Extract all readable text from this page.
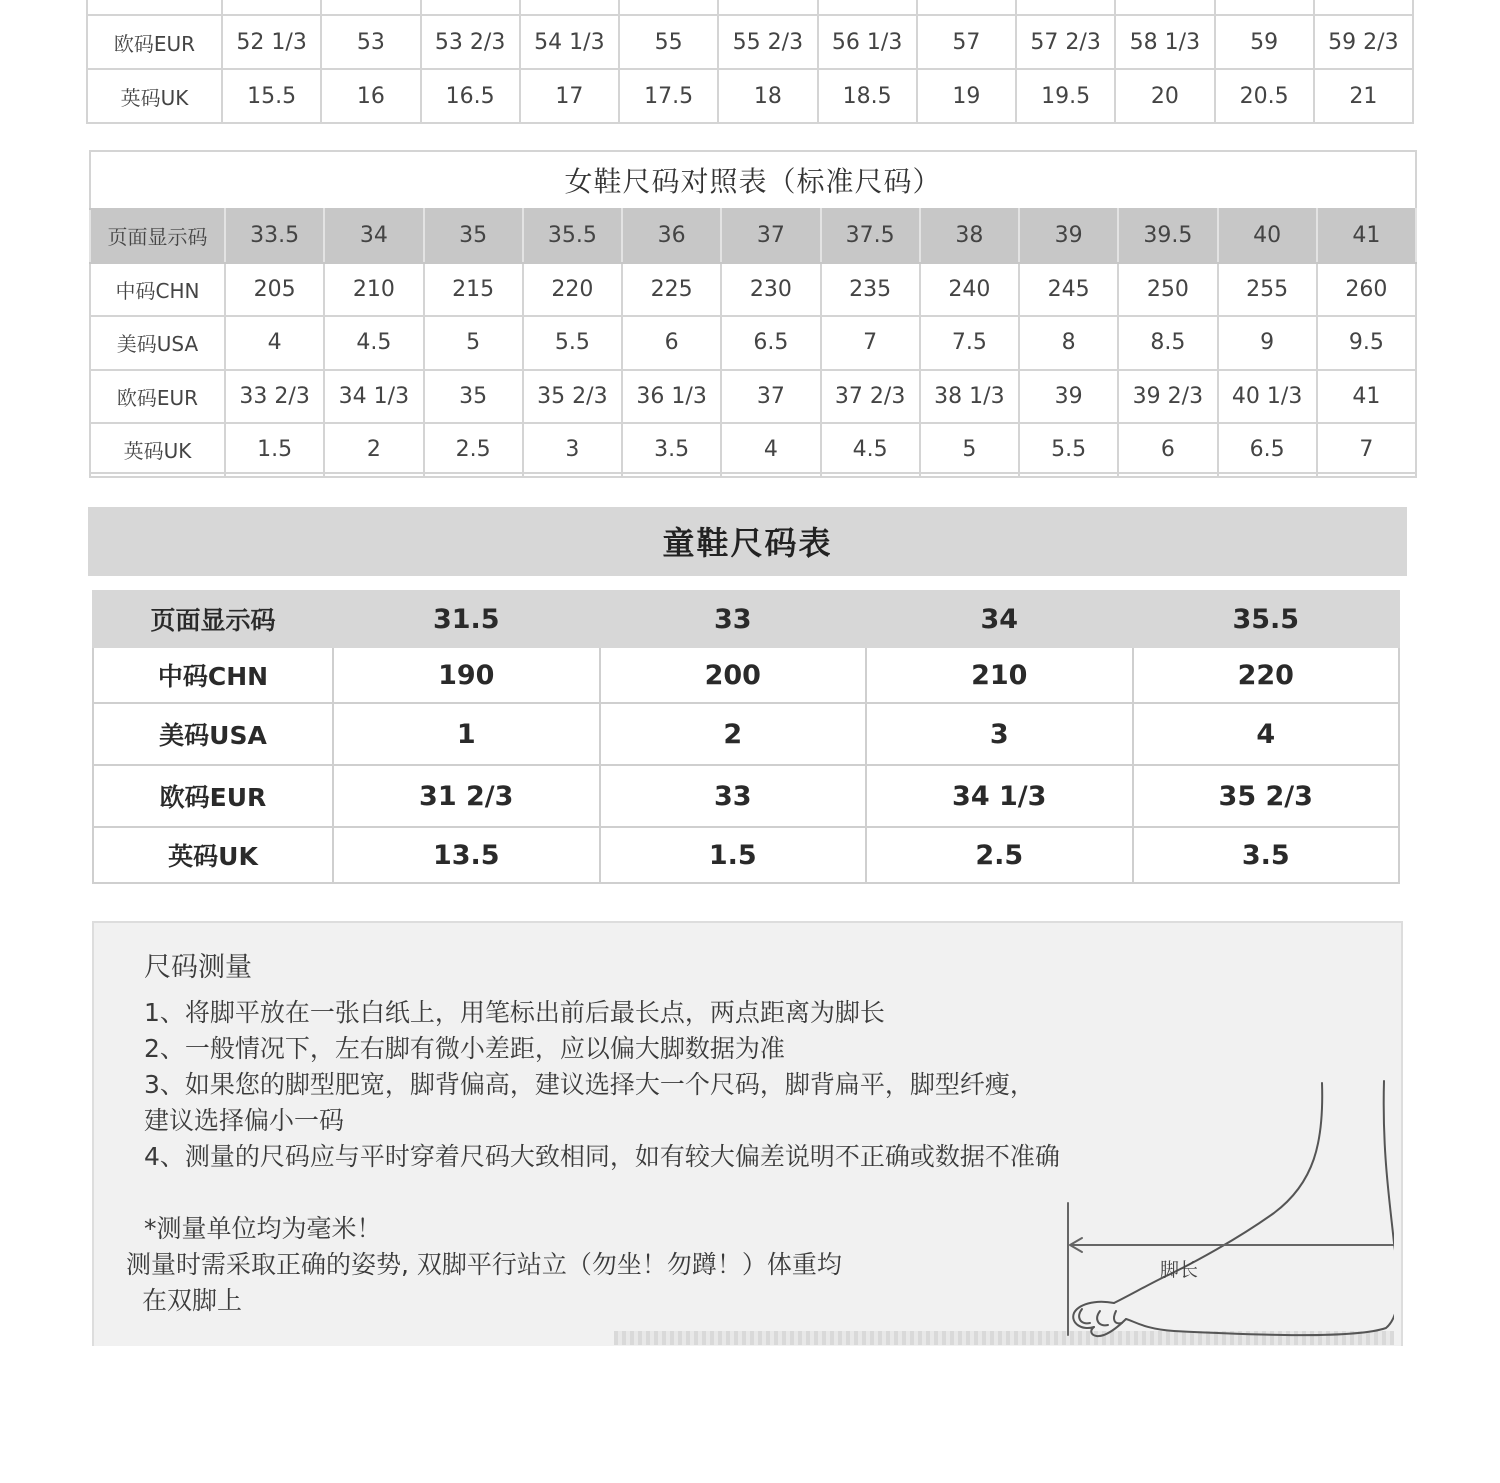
欧码EUR	52 1/3	53	53 2/3	54 1/3	55	55 2/3	56 1/3	57	57 2/3	58 1/3	59	59 2/3
英码UK	15.5	16	16.5	17	17.5	18	18.5	19	19.5	20	20.5	21
女鞋尺码对照表（标准尺码）
页面显示码	33.5	34	35	35.5	36	37	37.5	38	39	39.5	40	41
中码CHN	205	210	215	220	225	230	235	240	245	250	255	260
美码USA	4	4.5	5	5.5	6	6.5	7	7.5	8	8.5	9	9.5
欧码EUR	33 2/3	34 1/3	35	35 2/3	36 1/3	37	37 2/3	38 1/3	39	39 2/3	40 1/3	41
英码UK	1.5	2	2.5	3	3.5	4	4.5	5	5.5	6	6.5	7
童鞋尺码表
页面显示码	31.5	33	34	35.5
中码CHN	190	200	210	220
美码USA	1	2	3	4
欧码EUR	31 2/3	33	34 1/3	35 2/3
英码UK	13.5	1.5	2.5	3.5
尺码测量
1、将脚平放在一张白纸上，用笔标出前后最长点，两点距离为脚长
2、一般情况下，左右脚有微小差距，应以偏大脚数据为准
3、如果您的脚型肥宽，脚背偏高，建议选择大一个尺码，脚背扁平，脚型纤瘦，
建议选择偏小一码
4、测量的尺码应与平时穿着尺码大致相同，如有较大偏差说明不正确或数据不准确
*测量单位均为毫米！
测量时需采取正确的姿势, 双脚平行站立（勿坐！勿蹲！）体重均
在双脚上
脚长
